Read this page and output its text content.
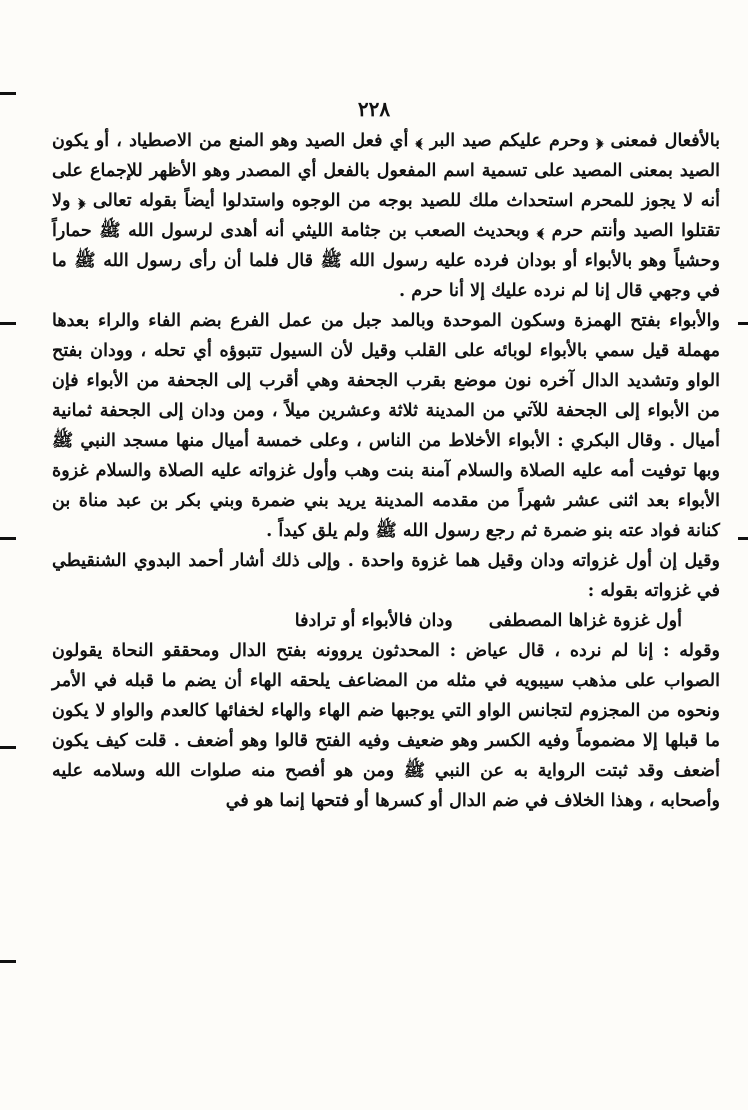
٢٢٨

بالأفعال فمعنى ﴿ وحرم عليكم صيد البر ﴾ أي فعل الصيد وهو المنع من الاصطياد ، أو يكون الصيد بمعنى المصيد على تسمية اسم المفعول بالفعل أي المصدر وهو الأظهر للإجماع على أنه لا يجوز للمحرم استحداث ملك للصيد بوجه من الوجوه واستدلوا أيضاً بقوله تعالى ﴿ ولا تقتلوا الصيد وأنتم حرم ﴾ وبحديث الصعب بن جثامة الليثي أنه أهدى لرسول الله ﷺ حماراً وحشياً وهو بالأبواء أو بودان فرده عليه رسول الله ﷺ قال فلما أن رأى رسول الله ﷺ ما في وجهي قال إنا لم نرده عليك إلا أنا حرم .

والأبواء بفتح الهمزة وسكون الموحدة وبالمد جبل من عمل الفرع بضم الفاء والراء بعدها مهملة قيل سمي بالأبواء لوبائه على القلب وقيل لأن السيول تتبوؤه أي تحله ، وودان بفتح الواو وتشديد الدال آخره نون موضع بقرب الجحفة وهي أقرب إلى الجحفة من الأبواء فإن من الأبواء إلى الجحفة للآتي من المدينة ثلاثة وعشرين ميلاً ، ومن ودان إلى الجحفة ثمانية أميال . وقال البكري : الأبواء الأخلاط من الناس ، وعلى خمسة أميال منها مسجد النبي ﷺ وبها توفيت أمه عليه الصلاة والسلام آمنة بنت وهب وأول غزواته عليه الصلاة والسلام غزوة الأبواء بعد اثنى عشر شهراً من مقدمه المدينة يريد بني ضمرة وبني بكر بن عبد مناة بن كنانة فواد عته بنو ضمرة ثم رجع رسول الله ﷺ ولم يلق كيداً .

وقيل إن أول غزواته ودان وقيل هما غزوة واحدة . وإلى ذلك أشار أحمد البدوي الشنقيطي في غزواته بقوله :

أول غزوة غزاها المصطفىودان فالأبواء أو ترادفا

وقوله : إنا لم نرده ، قال عياض : المحدثون يروونه بفتح الدال ومحققو النحاة يقولون الصواب على مذهب سيبويه في مثله من المضاعف يلحقه الهاء أن يضم ما قبله في الأمر ونحوه من المجزوم لتجانس الواو التي يوجبها ضم الهاء والهاء لخفائها كالعدم والواو لا يكون ما قبلها إلا مضموماً وفيه الكسر وهو ضعيف وفيه الفتح قالوا وهو أضعف . قلت كيف يكون أضعف وقد ثبتت الرواية به عن النبي ﷺ ومن هو أفصح منه صلوات الله وسلامه عليه وأصحابه ، وهذا الخلاف في ضم الدال أو كسرها أو فتحها إنما هو في
